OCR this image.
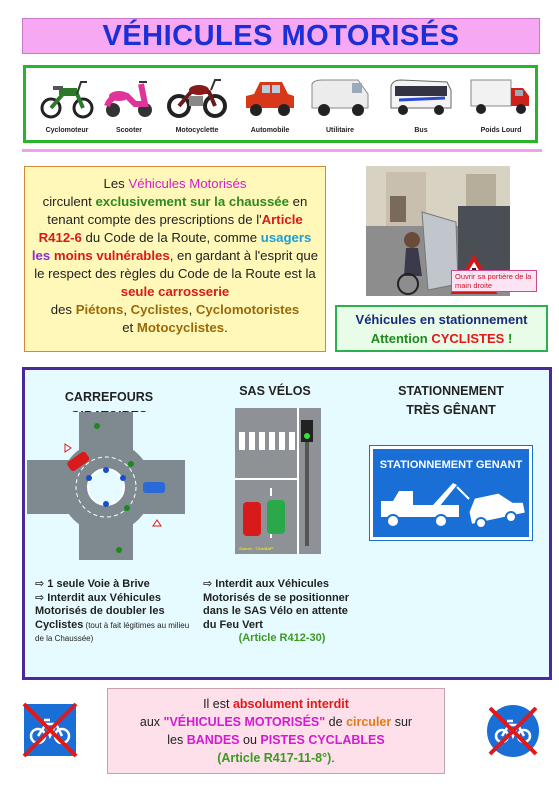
VÉHICULES MOTORISÉS
Cyclomoteur	Scooter	Motocyclette	Automobile	Utilitaire	Bus	Poids Lourd
Les Véhicules Motorisés
circulent exclusivement sur la chaussée en tenant compte des prescriptions de l'Article R412-6 du Code de la Route, comme usagers les moins vulnérables, en gardant à l'esprit que le respect des règles du Code de la Route est la seule carrosserie
des Piétons, Cyclistes, Cyclomotoristes
et Motocyclistes.
Ouvrir sa portière de la main droite
Véhicules en stationnement
Attention CYCLISTES !
CARREFOURS
⇨ 1 seule Voie à Brive
⇨ Interdit aux Véhicules Motorisés de doubler les Cyclistes (tout à fait légitimes au milieu de la Chaussée)
SAS VÉLOS
Source : "ClubBAP"
⇨ Interdit aux Véhicules Motorisés de se positionner dans le SAS Vélo en attente du Feu Vert
(Article R412-30)
STATIONNEMENT
TRÈS GÊNANT
STATIONNEMENT GENANT
Il est absolument interdit
aux "VÉHICULES MOTORISÉS" de circuler sur
les BANDES ou PISTES CYCLABLES
(Article R417-11-8°).
